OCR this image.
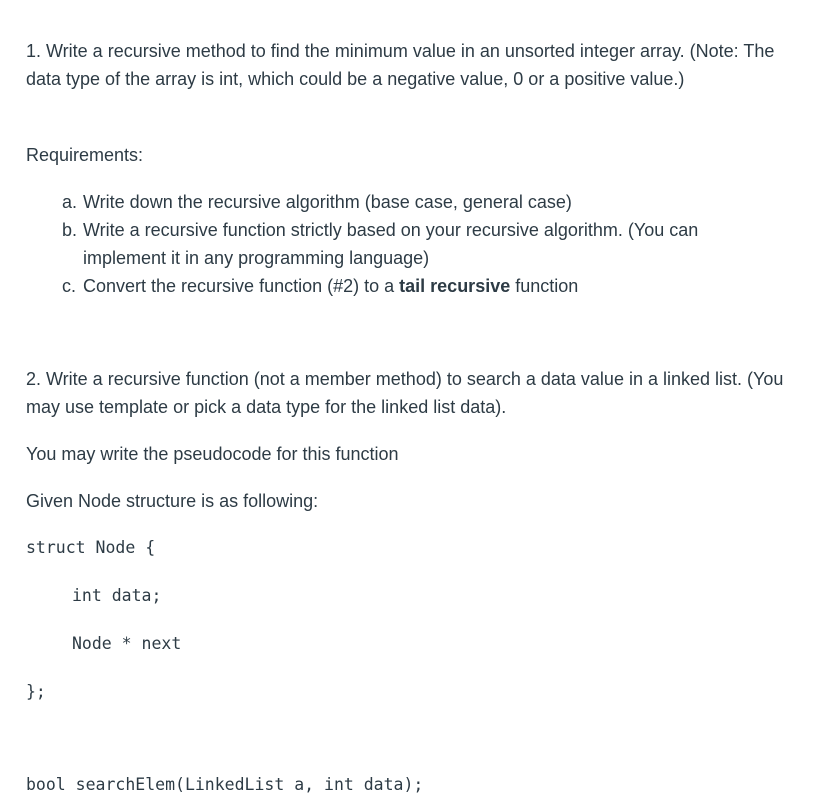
1. Write a recursive method to find the minimum value in an unsorted integer array. (Note: The data type of the array is int, which could be a negative value, 0 or a positive value.)

Requirements:

a. Write down the recursive algorithm (base case, general case)
b. Write a recursive function strictly based on your recursive algorithm. (You can implement it in any programming language)
c. Convert the recursive function (#2) to a tail recursive function

2. Write a recursive function (not a member method) to search a data value in a linked list. (You may use template or pick a data type for the linked list data).

You may write the pseudocode for this function

Given Node structure is as following:

struct Node {
int data;
Node * next
};
bool searchElem(LinkedList a, int data);
